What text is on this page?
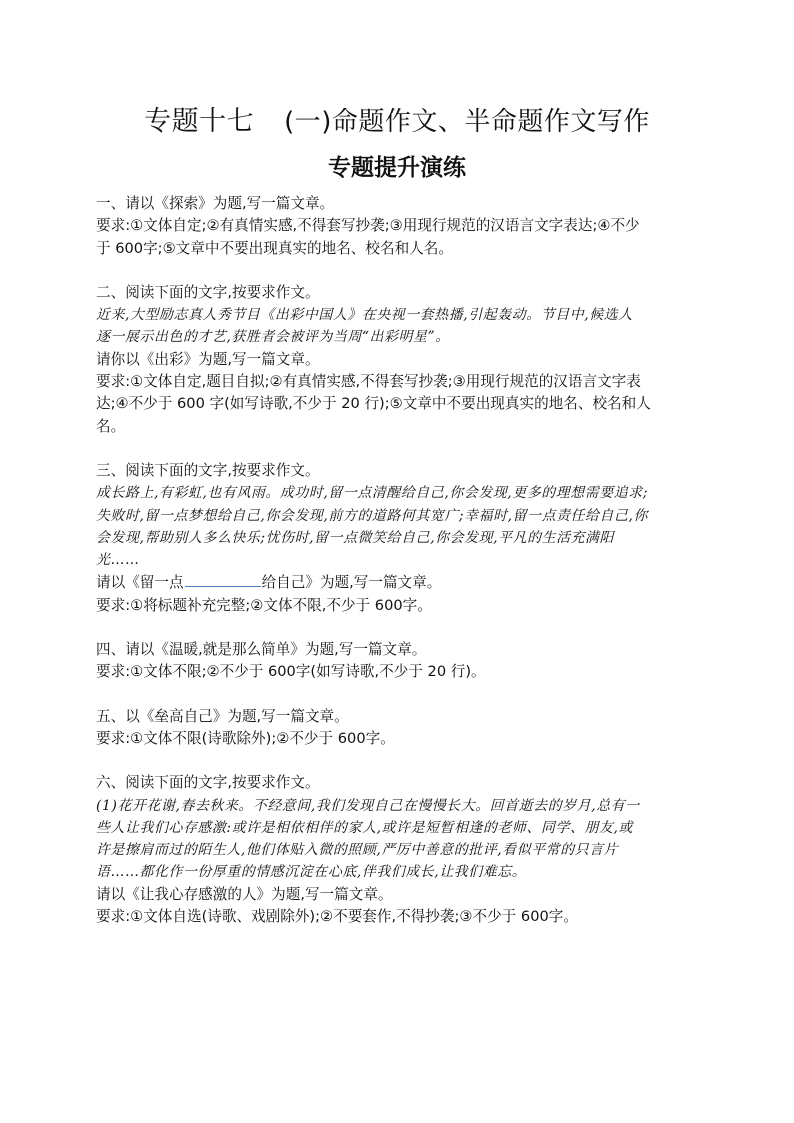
专题十七 (一)命题作文、半命题作文写作
专题提升演练

一、请以《探索》为题,写一篇文章。

要求:①文体自定;②有真情实感,不得套写抄袭;③用现行规范的汉语言文字表达;④不少

于 600字;⑤文章中不要出现真实的地名、校名和人名。

二、阅读下面的文字,按要求作文。

近来,大型励志真人秀节目《出彩中国人》在央视一套热播,引起轰动。节目中,候选人

逐一展示出色的才艺,获胜者会被评为当周“出彩明星”。

请你以《出彩》为题,写一篇文章。

要求:①文体自定,题目自拟;②有真情实感,不得套写抄袭;③用现行规范的汉语言文字表

达;④不少于 600 字(如写诗歌,不少于 20 行);⑤文章中不要出现真实的地名、校名和人

名。

三、阅读下面的文字,按要求作文。

成长路上,有彩虹,也有风雨。成功时,留一点清醒给自己,你会发现,更多的理想需要追求;

失败时,留一点梦想给自己,你会发现,前方的道路何其宽广;幸福时,留一点责任给自己,你

会发现,帮助别人多么快乐;忧伤时,留一点微笑给自己,你会发现,平凡的生活充满阳

光……

请以《留一点	给自己》为题,写一篇文章。

要求:①将标题补充完整;②文体不限,不少于 600字。

四、请以《温暖,就是那么简单》为题,写一篇文章。

要求:①文体不限;②不少于 600字(如写诗歌,不少于 20 行)。

五、以《垒高自己》为题,写一篇文章。

要求:①文体不限(诗歌除外);②不少于 600字。

六、阅读下面的文字,按要求作文。

(1)花开花谢,春去秋来。不经意间,我们发现自己在慢慢长大。回首逝去的岁月,总有一

些人让我们心存感激:或许是相依相伴的家人,或许是短暂相逢的老师、同学、朋友,或

许是擦肩而过的陌生人,他们体贴入微的照顾,严厉中善意的批评,看似平常的只言片

语……都化作一份厚重的情感沉淀在心底,伴我们成长,让我们难忘。

请以《让我心存感激的人》为题,写一篇文章。

要求:①文体自选(诗歌、戏剧除外);②不要套作,不得抄袭;③不少于 600字。
